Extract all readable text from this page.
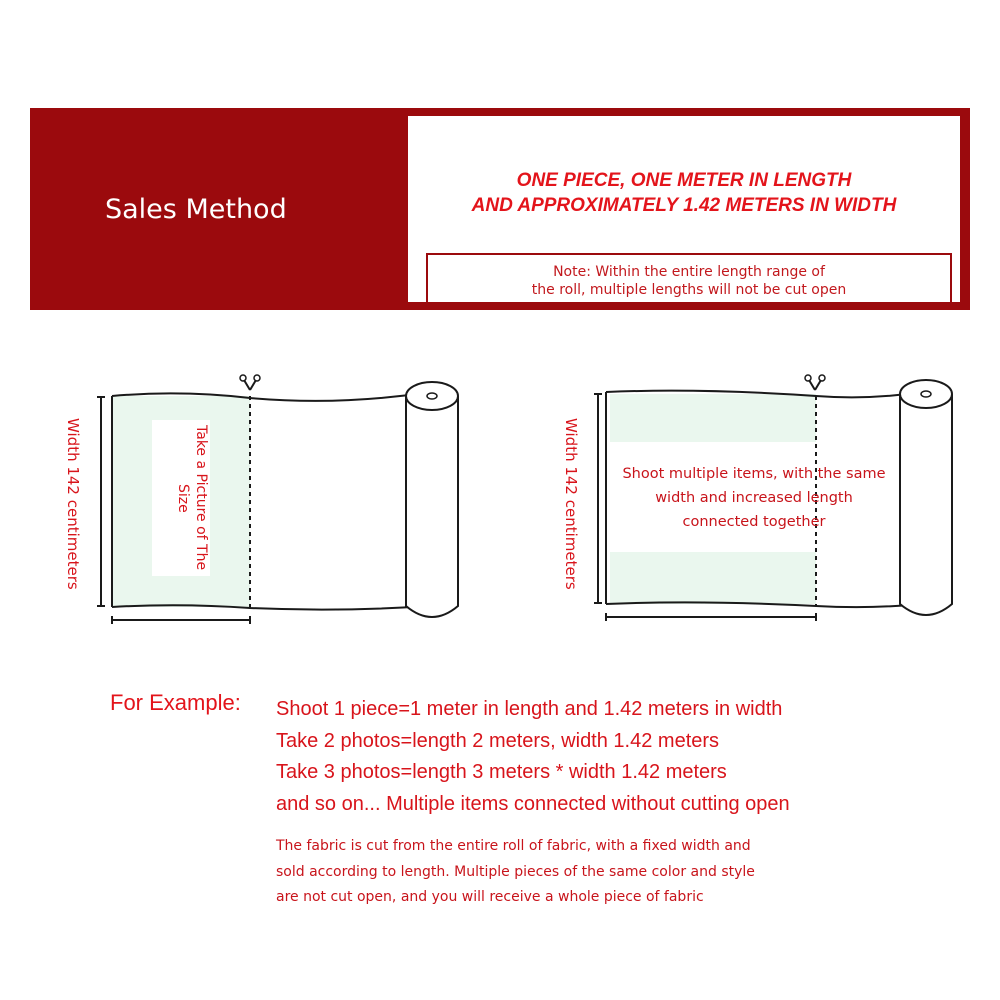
Sales Method
ONE PIECE, ONE METER IN LENGTH
AND APPROXIMATELY 1.42 METERS IN WIDTH
Note: Within the entire length range of
the roll, multiple lengths will not be cut open
Width 142 centimeters	Take a Picture of The Size	Width 142 centimeters	Shoot multiple items, with the same
width and increased length
connected together
For Example: Shoot 1 piece=1 meter in length and 1.42 meters in width
Take 2 photos=length 2 meters, width 1.42 meters
Take 3 photos=length 3 meters * width 1.42 meters
and so on... Multiple items connected without cutting open
The fabric is cut from the entire roll of fabric, with a fixed width and
sold according to length. Multiple pieces of the same color and style
are not cut open, and you will receive a whole piece of fabric
